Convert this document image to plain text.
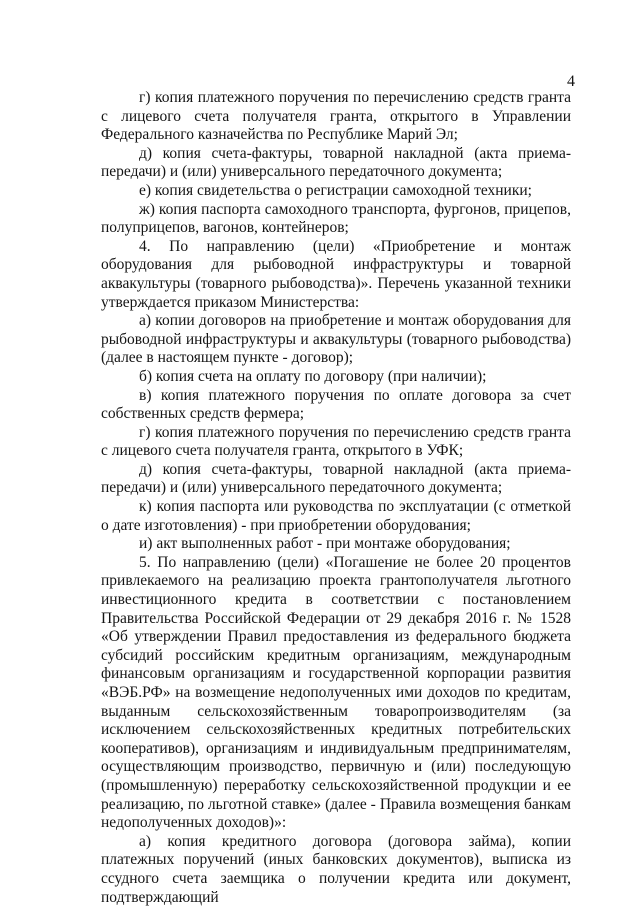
4

г) копия платежного поручения по перечислению средств гранта с лицевого счета получателя гранта, открытого в Управлении Федерального казначейства по Республике Марий Эл;

д) копия счета-фактуры, товарной накладной (акта приема-передачи) и (или) универсального передаточного документа;

е) копия свидетельства о регистрации самоходной техники;

ж) копия паспорта самоходного транспорта, фургонов, прицепов, полуприцепов, вагонов, контейнеров;

4. По направлению (цели) «Приобретение и монтаж оборудования для рыбоводной инфраструктуры и товарной аквакультуры (товарного рыбоводства)». Перечень указанной техники утверждается приказом Министерства:

а) копии договоров на приобретение и монтаж оборудования для рыбоводной инфраструктуры и аквакультуры (товарного рыбоводства) (далее в настоящем пункте - договор);

б) копия счета на оплату по договору (при наличии);

в) копия платежного поручения по оплате договора за счет собственных средств фермера;

г) копия платежного поручения по перечислению средств гранта с лицевого счета получателя гранта, открытого в УФК;

д) копия счета-фактуры, товарной накладной (акта приема-передачи) и (или) универсального передаточного документа;

к) копия паспорта или руководства по эксплуатации (с отметкой о дате изготовления) - при приобретении оборудования;

и) акт выполненных работ - при монтаже оборудования;

5. По направлению (цели) «Погашение не более 20 процентов привлекаемого на реализацию проекта грантополучателя льготного инвестиционного кредита в соответствии с постановлением Правительства Российской Федерации от 29 декабря 2016 г. № 1528 «Об утверждении Правил предоставления из федерального бюджета субсидий российским кредитным организациям, международным финансовым организациям и государственной корпорации развития «ВЭБ.РФ» на возмещение недополученных ими доходов по кредитам, выданным сельскохозяйственным товаропроизводителям (за исключением сельскохозяйственных кредитных потребительских кооперативов), организациям и индивидуальным предпринимателям, осуществляющим производство, первичную и (или) последующую (промышленную) переработку сельскохозяйственной продукции и ее реализацию, по льготной ставке» (далее - Правила возмещения банкам недополученных доходов)»:

а) копия кредитного договора (договора займа), копии платежных поручений (иных банковских документов), выписка из ссудного счета заемщика о получении кредита или документ, подтверждающий
